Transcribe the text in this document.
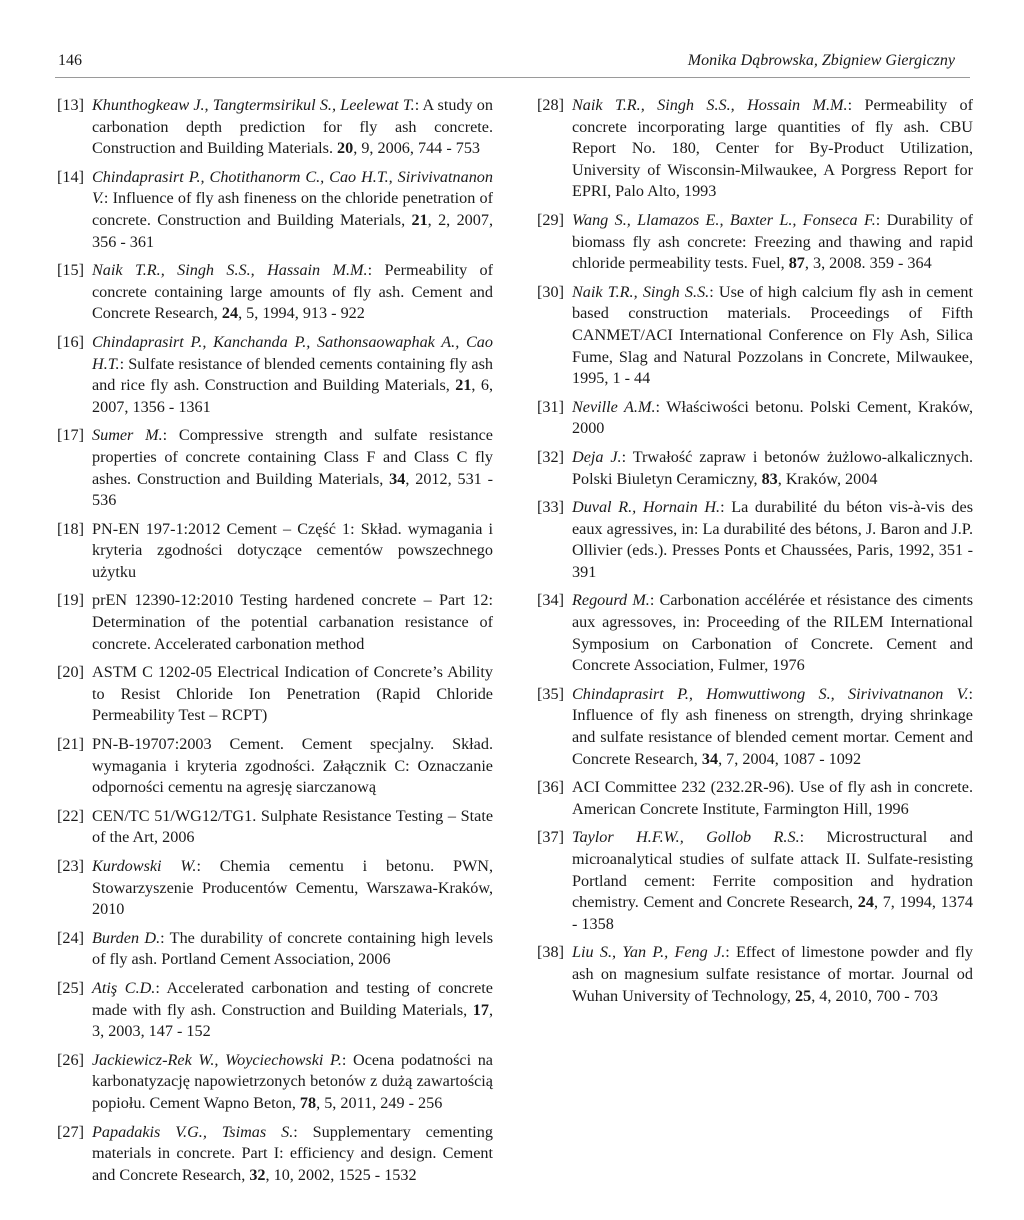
146	Monika Dąbrowska, Zbigniew Giergiczny
[13] Khunthogkeaw J., Tangtermsirikul S., Leelewat T.: A study on carbonation depth prediction for fly ash concrete. Construction and Building Materials. 20, 9, 2006, 744 - 753
[14] Chindaprasirt P., Chotithanorm C., Cao H.T., Sirivivatnanon V.: Influence of fly ash fineness on the chloride penetration of concrete. Construction and Building Materials, 21, 2, 2007, 356 - 361
[15] Naik T.R., Singh S.S., Hassain M.M.: Permeability of concrete containing large amounts of fly ash. Cement and Concrete Research, 24, 5, 1994, 913 - 922
[16] Chindaprasirt P., Kanchanda P., Sathonsaowaphak A., Cao H.T.: Sulfate resistance of blended cements containing fly ash and rice fly ash. Construction and Building Materials, 21, 6, 2007, 1356 - 1361
[17] Sumer M.: Compressive strength and sulfate resistance properties of concrete containing Class F and Class C fly ashes. Construction and Building Materials, 34, 2012, 531 - 536
[18] PN-EN 197-1:2012 Cement – Część 1: Skład. wymagania i kryteria zgodności dotyczące cementów powszechnego użytku
[19] prEN 12390-12:2010 Testing hardened concrete – Part 12: Determination of the potential carbanation resistance of concrete. Accelerated carbonation method
[20] ASTM C 1202-05 Electrical Indication of Concrete’s Ability to Resist Chloride Ion Penetration (Rapid Chloride Permeability Test – RCPT)
[21] PN-B-19707:2003 Cement. Cement specjalny. Skład. wymagania i kryteria zgodności. Załącznik C: Oznaczanie odporności cementu na agresję siarczanową
[22] CEN/TC 51/WG12/TG1. Sulphate Resistance Testing – State of the Art, 2006
[23] Kurdowski W.: Chemia cementu i betonu. PWN, Stowarzyszenie Producentów Cementu, Warszawa-Kraków, 2010
[24] Burden D.: The durability of concrete containing high levels of fly ash. Portland Cement Association, 2006
[25] Atiş C.D.: Accelerated carbonation and testing of concrete made with fly ash. Construction and Building Materials, 17, 3, 2003, 147 - 152
[26] Jackiewicz-Rek W., Woyciechowski P.: Ocena podatności na karbonatyzację napowietrzonych betonów z dużą zawartością popiołu. Cement Wapno Beton, 78, 5, 2011, 249 - 256
[27] Papadakis V.G., Tsimas S.: Supplementary cementing materials in concrete. Part I: efficiency and design. Cement and Concrete Research, 32, 10, 2002, 1525 - 1532
[28] Naik T.R., Singh S.S., Hossain M.M.: Permeability of concrete incorporating large quantities of fly ash. CBU Report No. 180, Center for By-Product Utilization, University of Wisconsin-Milwaukee, A Porgress Report for EPRI, Palo Alto, 1993
[29] Wang S., Llamazos E., Baxter L., Fonseca F.: Durability of biomass fly ash concrete: Freezing and thawing and rapid chloride permeability tests. Fuel, 87, 3, 2008. 359 - 364
[30] Naik T.R., Singh S.S.: Use of high calcium fly ash in cement based construction materials. Proceedings of Fifth CANMET/ACI International Conference on Fly Ash, Silica Fume, Slag and Natural Pozzolans in Concrete, Milwaukee, 1995, 1 - 44
[31] Neville A.M.: Właściwości betonu. Polski Cement, Kraków, 2000
[32] Deja J.: Trwałość zapraw i betonów żużlowo-alkalicznych. Polski Biuletyn Ceramiczny, 83, Kraków, 2004
[33] Duval R., Hornain H.: La durabilité du béton vis-à-vis des eaux agressives, in: La durabilité des bétons, J. Baron and J.P. Ollivier (eds.). Presses Ponts et Chaussées, Paris, 1992, 351 - 391
[34] Regourd M.: Carbonation accélérée et résistance des ciments aux agressoves, in: Proceeding of the RILEM International Symposium on Carbonation of Concrete. Cement and Concrete Association, Fulmer, 1976
[35] Chindaprasirt P., Homwuttiwong S., Sirivivatnanon V.: Influence of fly ash fineness on strength, drying shrinkage and sulfate resistance of blended cement mortar. Cement and Concrete Research, 34, 7, 2004, 1087 - 1092
[36] ACI Committee 232 (232.2R-96). Use of fly ash in concrete. American Concrete Institute, Farmington Hill, 1996
[37] Taylor H.F.W., Gollob R.S.: Microstructural and microanalytical studies of sulfate attack II. Sulfate-resisting Portland cement: Ferrite composition and hydration chemistry. Cement and Concrete Research, 24, 7, 1994, 1374 - 1358
[38] Liu S., Yan P., Feng J.: Effect of limestone powder and fly ash on magnesium sulfate resistance of mortar. Journal od Wuhan University of Technology, 25, 4, 2010, 700 - 703
